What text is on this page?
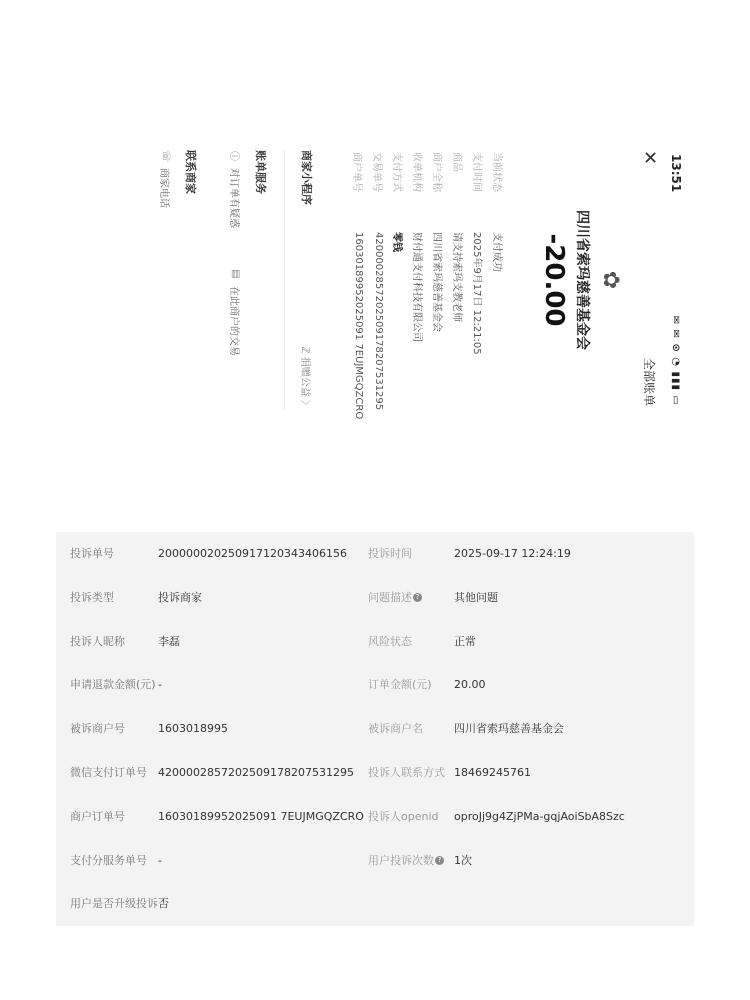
13:51
✉ ✉ ⊙ ◔ ▮▮▮ ▭
✕
全部账单
✿
四川省索玛慈善基金会
-20.00
当前状态
支付成功
支付时间
2025年9月17日 12:21:05
商品
请支持索玛支教老师
商户全称
四川省索玛慈善基金会
收单机构
财付通支付科技有限公司
支付方式
零钱
交易单号
4200002857202509178207531295
商户单号
16030189952025091 7EUJMGQZCRO
商家小程序
ℤ 捐赠公益 〉
账单服务
ⓘ
对订单有疑惑
▤
在此商户的交易
联系商家
☏
商家电话
投诉单号	200000020250917120343406156 投诉时间	2025-09-17 12:24:19
投诉类型	投诉商家	问题描述 ?	其他问题
投诉人昵称	李磊	风险状态	正常
申请退款金额(元) -	订单金额(元) 20.00
被诉商户号	1603018995	被诉商户名	四川省索玛慈善基金会
微信支付订单号 4200002857202509178207531295 投诉人联系方式 18469245761
商户订单号	16030189952025091 7EUJMGQZCRO 投诉人openid oproJj9g4ZjPMa-gqjAoiSbA8Szc
支付分服务单号 -	用户投诉次数 ? 1次
用户是否升级投诉 否
